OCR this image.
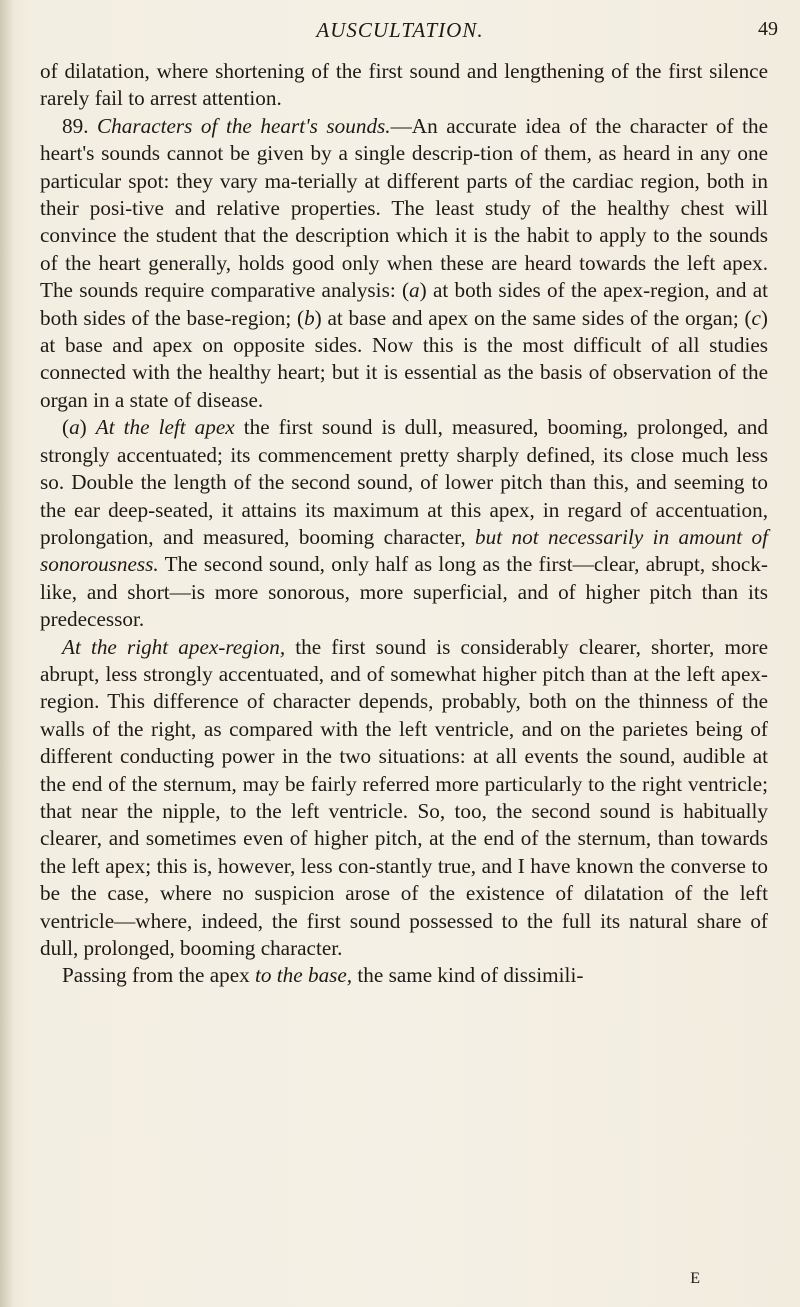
AUSCULTATION.	49

of dilatation, where shortening of the first sound and lengthening of the first silence rarely fail to arrest attention.

89. Characters of the heart's sounds.—An accurate idea of the character of the heart's sounds cannot be given by a single descrip-tion of them, as heard in any one particular spot: they vary ma-terially at different parts of the cardiac region, both in their posi-tive and relative properties. The least study of the healthy chest will convince the student that the description which it is the habit to apply to the sounds of the heart generally, holds good only when these are heard towards the left apex. The sounds require comparative analysis: (a) at both sides of the apex-region, and at both sides of the base-region; (b) at base and apex on the same sides of the organ; (c) at base and apex on opposite sides. Now this is the most difficult of all studies connected with the healthy heart; but it is essential as the basis of observation of the organ in a state of disease.

(a) At the left apex the first sound is dull, measured, booming, prolonged, and strongly accentuated; its commencement pretty sharply defined, its close much less so. Double the length of the second sound, of lower pitch than this, and seeming to the ear deep-seated, it attains its maximum at this apex, in regard of accentuation, prolongation, and measured, booming character, but not necessarily in amount of sonorousness. The second sound, only half as long as the first—clear, abrupt, shock-like, and short—is more sonorous, more superficial, and of higher pitch than its predecessor.

At the right apex-region, the first sound is considerably clearer, shorter, more abrupt, less strongly accentuated, and of somewhat higher pitch than at the left apex-region. This difference of character depends, probably, both on the thinness of the walls of the right, as compared with the left ventricle, and on the parietes being of different conducting power in the two situations: at all events the sound, audible at the end of the sternum, may be fairly referred more particularly to the right ventricle; that near the nipple, to the left ventricle. So, too, the second sound is habitually clearer, and sometimes even of higher pitch, at the end of the sternum, than towards the left apex; this is, however, less con-stantly true, and I have known the converse to be the case, where no suspicion arose of the existence of dilatation of the left ventricle—where, indeed, the first sound possessed to the full its natural share of dull, prolonged, booming character.

Passing from the apex to the base, the same kind of dissimili-

E
